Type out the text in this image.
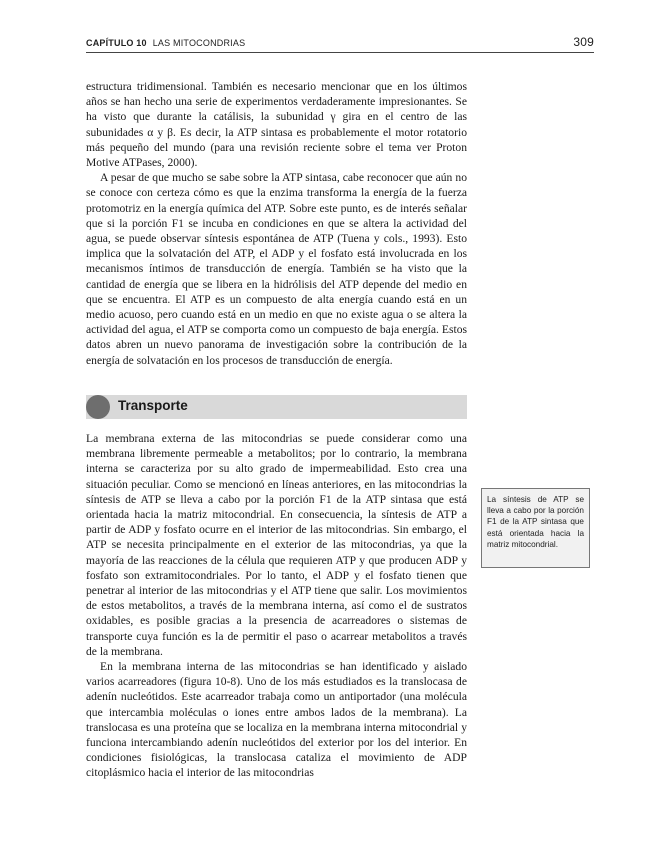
CAPÍTULO 10 LAS MITOCONDRIAS	309

estructura tridimensional. También es necesario mencionar que en los últimos años se han hecho una serie de experimentos verdaderamente impresionantes. Se ha visto que durante la catálisis, la subunidad γ gira en el centro de las subunidades α y β. Es decir, la ATP sintasa es probablemente el motor rotatorio más pequeño del mundo (para una revisión reciente sobre el tema ver Proton Motive ATPases, 2000).

A pesar de que mucho se sabe sobre la ATP sintasa, cabe reconocer que aún no se conoce con certeza cómo es que la enzima transforma la energía de la fuerza protomotriz en la energía química del ATP. Sobre este punto, es de interés señalar que si la porción F1 se incuba en condiciones en que se altera la actividad del agua, se puede observar síntesis espontánea de ATP (Tuena y cols., 1993). Esto implica que la solvatación del ATP, el ADP y el fosfato está involucrada en los mecanismos íntimos de transducción de energía. También se ha visto que la cantidad de energía que se libera en la hidrólisis del ATP depende del medio en que se encuentra. El ATP es un compuesto de alta energía cuando está en un medio acuoso, pero cuando está en un medio en que no existe agua o se altera la actividad del agua, el ATP se comporta como un compuesto de baja energía. Estos datos abren un nuevo panorama de investigación sobre la contribución de la energía de solvatación en los procesos de transducción de energía.

Transporte

La membrana externa de las mitocondrias se puede considerar como una membrana libremente permeable a metabolitos; por lo contrario, la membrana interna se caracteriza por su alto grado de impermeabilidad. Esto crea una situación peculiar. Como se mencionó en líneas anteriores, en las mitocondrias la síntesis de ATP se lleva a cabo por la porción F1 de la ATP sintasa que está orientada hacia la matriz mitocondrial. En consecuencia, la síntesis de ATP a partir de ADP y fosfato ocurre en el interior de las mitocondrias. Sin embargo, el ATP se necesita principalmente en el exterior de las mitocondrias, ya que la mayoría de las reacciones de la célula que requieren ATP y que producen ADP y fosfato son extramitocondriales. Por lo tanto, el ADP y el fosfato tienen que penetrar al interior de las mitocondrias y el ATP tiene que salir. Los movimientos de estos metabolitos, a través de la membrana interna, así como el de sustratos oxidables, es posible gracias a la presencia de acarreadores o sistemas de transporte cuya función es la de permitir el paso o acarrear metabolitos a través de la membrana.

En la membrana interna de las mitocondrias se han identificado y aislado varios acarreadores (figura 10-8). Uno de los más estudiados es la translocasa de adenín nucleótidos. Este acarreador trabaja como un antiportador (una molécula que intercambia moléculas o iones entre ambos lados de la membrana). La translocasa es una proteína que se localiza en la membrana interna mitocondrial y funciona intercambiando adenín nucleótidos del exterior por los del interior. En condiciones fisiológicas, la translocasa cataliza el movimiento de ADP citoplásmico hacia el interior de las mitocondrias

La síntesis de ATP se lleva a cabo por la porción F1 de la ATP sintasa que está orientada hacia la matriz mitocondrial.
